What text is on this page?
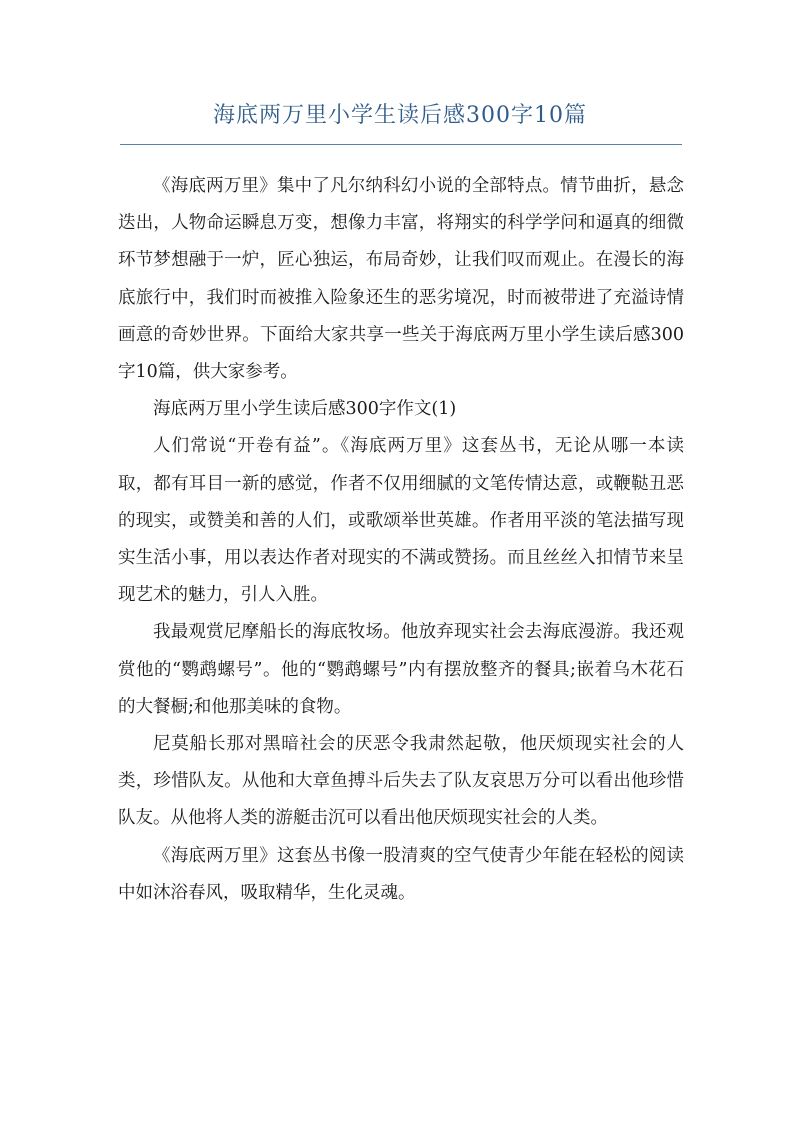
海底两万里小学生读后感300字10篇

《海底两万里》集中了凡尔纳科幻小说的全部特点。情节曲折，悬念迭出，人物命运瞬息万变，想像力丰富，将翔实的科学学问和逼真的细微环节梦想融于一炉，匠心独运，布局奇妙，让我们叹而观止。在漫长的海底旅行中，我们时而被推入险象还生的恶劣境况，时而被带进了充溢诗情画意的奇妙世界。下面给大家共享一些关于海底两万里小学生读后感300字10篇，供大家参考。

海底两万里小学生读后感300字作文(1)

人们常说“开卷有益”。《海底两万里》这套丛书，无论从哪一本读取，都有耳目一新的感觉，作者不仅用细腻的文笔传情达意，或鞭鞑丑恶的现实，或赞美和善的人们，或歌颂举世英雄。作者用平淡的笔法描写现实生活小事，用以表达作者对现实的不满或赞扬。而且丝丝入扣情节来呈现艺术的魅力，引人入胜。

我最观赏尼摩船长的海底牧场。他放弃现实社会去海底漫游。我还观赏他的“鹦鹉螺号”。他的“鹦鹉螺号”内有摆放整齐的餐具;嵌着乌木花石的大餐橱;和他那美味的食物。

尼莫船长那对黑暗社会的厌恶令我肃然起敬，他厌烦现实社会的人类，珍惜队友。从他和大章鱼搏斗后失去了队友哀思万分可以看出他珍惜队友。从他将人类的游艇击沉可以看出他厌烦现实社会的人类。

《海底两万里》这套丛书像一股清爽的空气使青少年能在轻松的阅读中如沐浴春风，吸取精华，生化灵魂。
